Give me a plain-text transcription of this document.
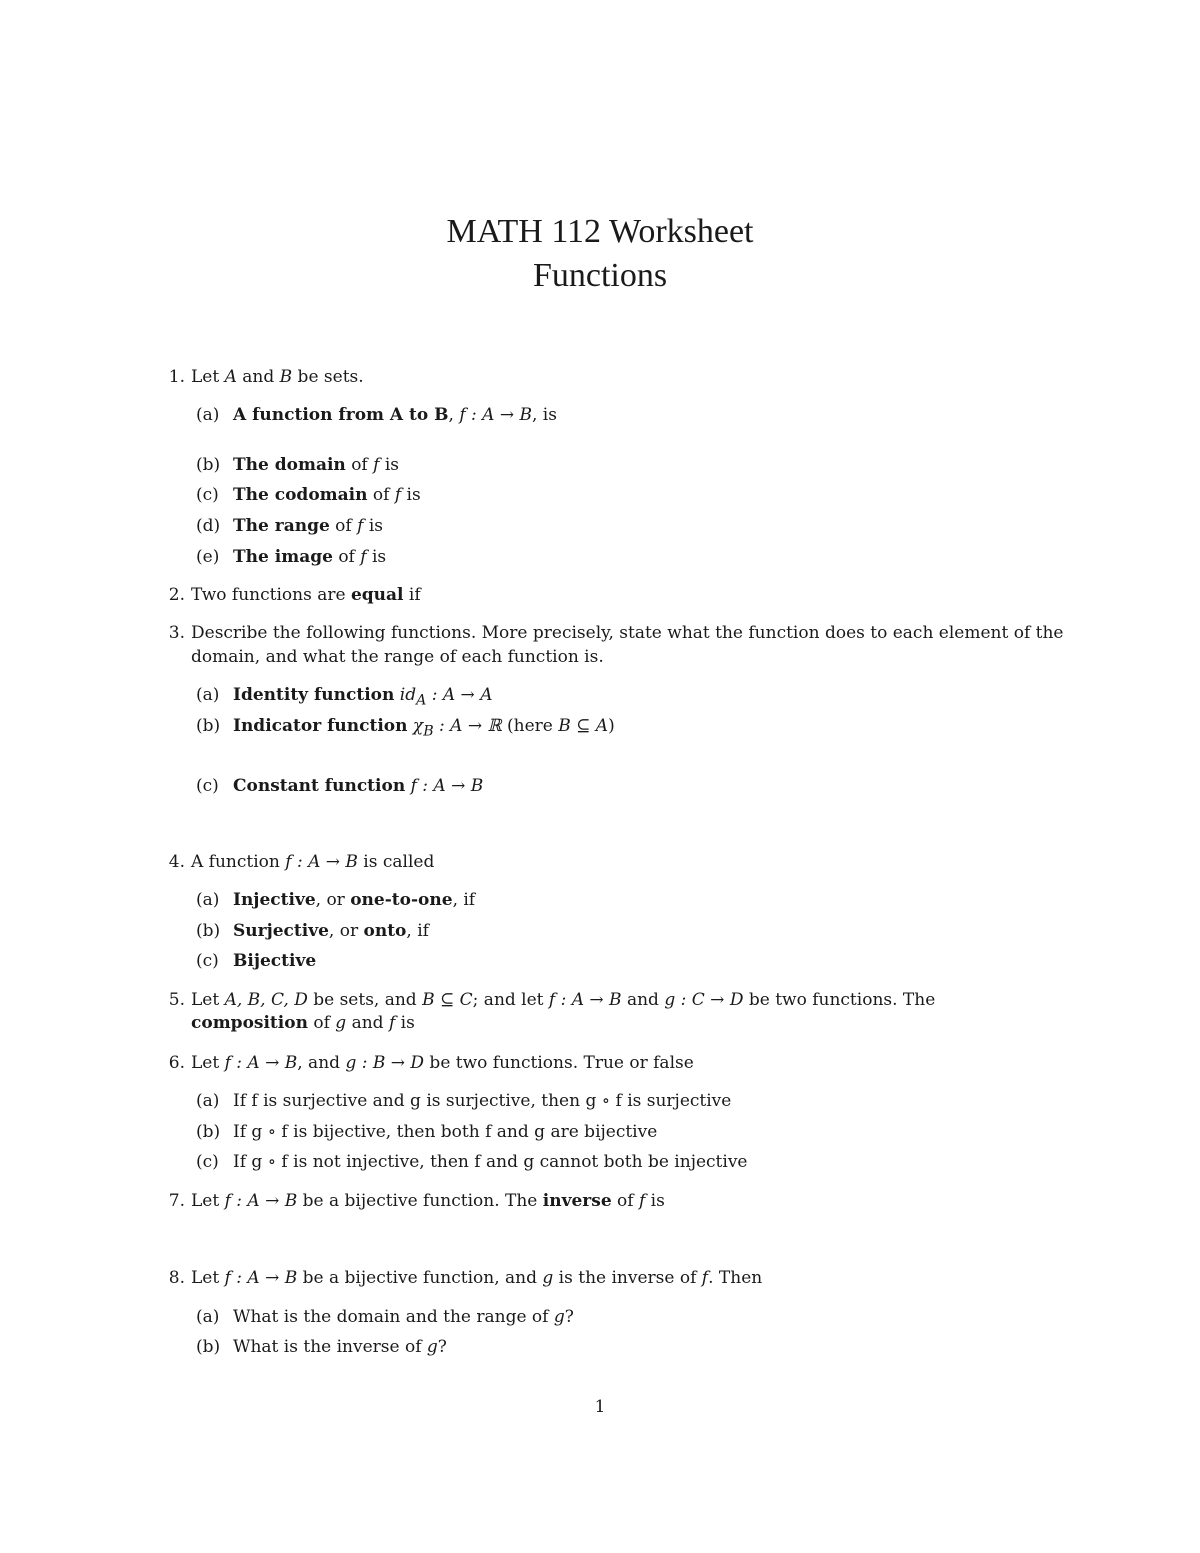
MATH 112 Worksheet
Functions
1. Let A and B be sets.
(a) A function from A to B, f : A → B, is
(b) The domain of f is
(c) The codomain of f is
(d) The range of f is
(e) The image of f is
2. Two functions are equal if
3. Describe the following functions. More precisely, state what the function does to each element of the
domain, and what the range of each function is.
(a) Identity function $id_A$ : A → A
(b) Indicator function $\chi_B$ : A → ℝ (here B ⊆ A)
(c) Constant function f : A → B
4. A function f : A → B is called
(a) Injective, or one-to-one, if
(b) Surjective, or onto, if
(c) Bijective
5. Let A, B, C, D be sets, and B ⊆ C; and let f : A → B and g : C → D be two functions. The
composition of g and f is
6. Let f : A → B, and g : B → D be two functions. True or false
(a) If f is surjective and g is surjective, then g ∘ f is surjective
(b) If g ∘ f is bijective, then both f and g are bijective
(c) If g ∘ f is not injective, then f and g cannot both be injective
7. Let f : A → B be a bijective function. The inverse of f is
8. Let f : A → B be a bijective function, and g is the inverse of f. Then
(a) What is the domain and the range of g?
(b) What is the inverse of g?
1
